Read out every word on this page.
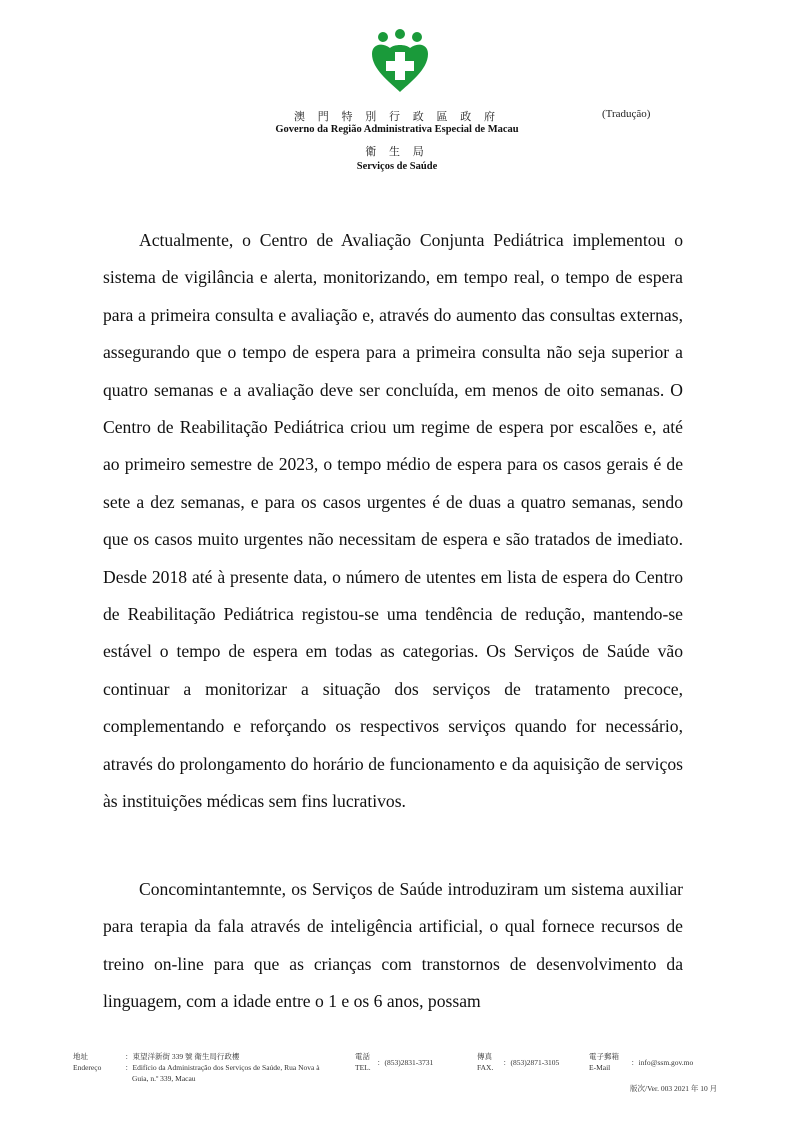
澳 門 特 別 行 政 區 政 府	(Tradução)
Governo da Região Administrativa Especial de Macau
衛 生 局
Serviços de Saúde

Actualmente, o Centro de Avaliação Conjunta Pediátrica implementou o sistema de vigilância e alerta, monitorizando, em tempo real, o tempo de espera para a primeira consulta e avaliação e, através do aumento das consultas externas, assegurando que o tempo de espera para a primeira consulta não seja superior a quatro semanas e a avaliação deve ser concluída, em menos de oito semanas. O Centro de Reabilitação Pediátrica criou um regime de espera por escalões e, até ao primeiro semestre de 2023, o tempo médio de espera para os casos gerais é de sete a dez semanas, e para os casos urgentes é de duas a quatro semanas, sendo que os casos muito urgentes não necessitam de espera e são tratados de imediato. Desde 2018 até à presente data, o número de utentes em lista de espera do Centro de Reabilitação Pediátrica registou-se uma tendência de redução, mantendo-se estável o tempo de espera em todas as categorias. Os Serviços de Saúde vão continuar a monitorizar a situação dos serviços de tratamento precoce, complementando e reforçando os respectivos serviços quando for necessário, através do prolongamento do horário de funcionamento e da aquisição de serviços às instituições médicas sem fins lucrativos.

Concomintantemnte, os Serviços de Saúde introduziram um sistema auxiliar para terapia da fala através de inteligência artificial, o qual fornece recursos de treino on-line para que as crianças com transtornos de desenvolvimento da linguagem, com a idade entre o 1 e os 6 anos, possam

地址
Endereço
：東望洋新街 339 號 衛生局行政樓
：Edifício da Administração dos Serviços de Saúde, Rua Nova à
Guia, n.º 339, Macau
電話
TEL.
：(853)2831-3731
傳真
FAX.
：(853)2871-3105
電子郵箱
E-Mail
：info@ssm.gov.mo
版次/Ver. 003 2021 年 10 月
